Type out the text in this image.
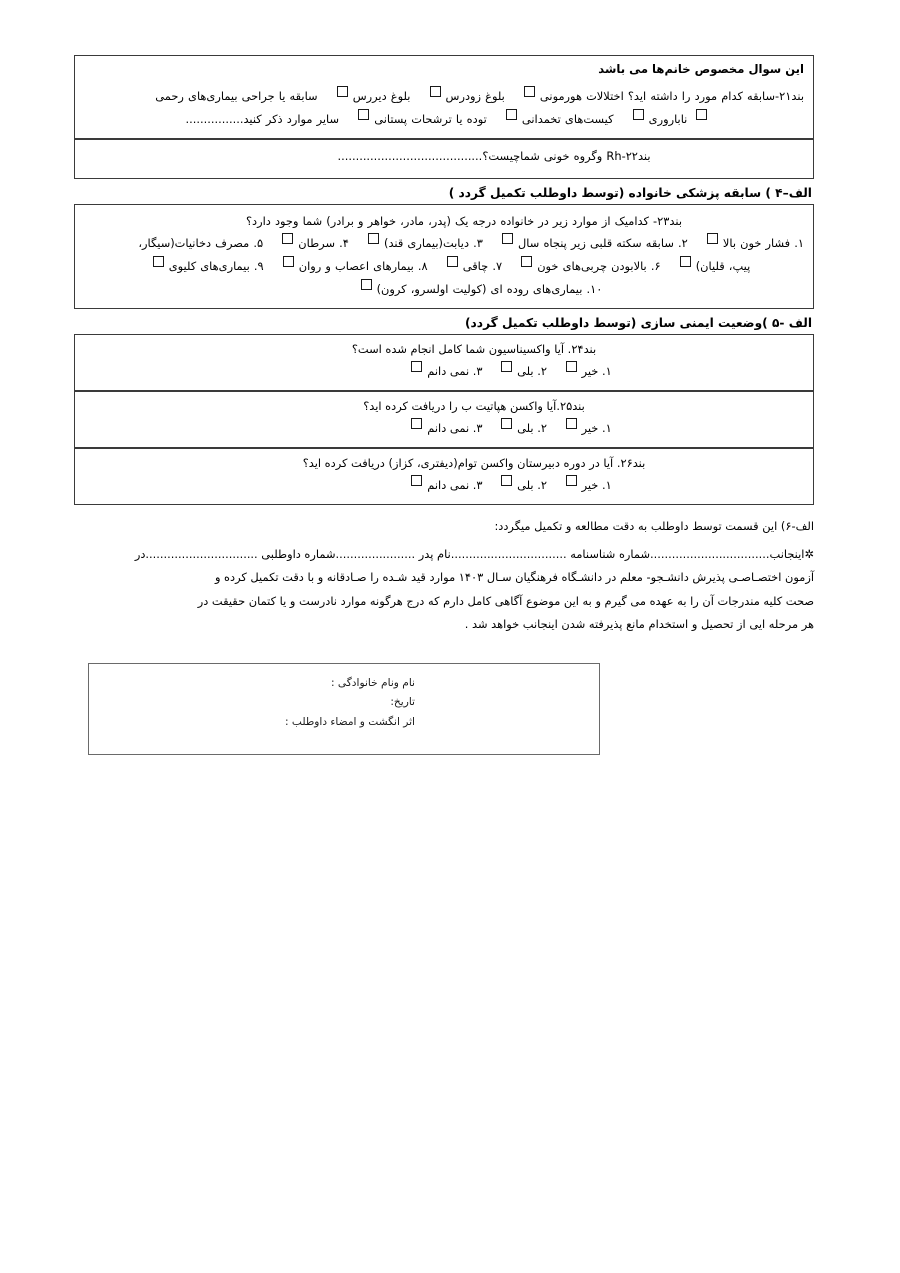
این سوال مخصوص خانم‌ها می باشد
بند۲۱-سابقه کدام مورد را داشته اید؟ اختلالات هورمونی بلوغ زودرس بلوغ دیررس سابقه یا جراحی بیماری‌های رحمی
ناباروری کیست‌های تخمدانی توده یا ترشحات پستانی سایر موارد ذکر کنید................
بند۲۲-Rh وگروه خونی شماچیست؟........................................
الف–۴ ) سابقه پزشکی خانواده (توسط داوطلب تکمیل گردد )
بند۲۳- کدامیک از موارد زیر در خانواده درجه یک (پدر، مادر، خواهر و برادر) شما وجود دارد؟
۱. فشار خون بالا ۲. سابقه سکته قلبی زیر پنجاه سال ۳. دیابت(بیماری قند) ۴. سرطان ۵. مصرف دخانیات(سیگار،
پیپ، قلیان) ۶. بالابودن چربی‌های خون ۷. چاقی ۸. بیمارهای اعصاب و روان ۹. بیماری‌های کلیوی
۱۰. بیماری‌های روده ای (کولیت اولسرو، کرون)
الف -۵ )وضعیت ایمنی سازی (توسط داوطلب تکمیل گردد)
بند۲۴. آیا واکسیناسیون شما کامل انجام شده است؟
۱. خیر ۲. بلی ۳. نمی دانم
بند۲۵.آیا واکسن هپاتیت ب را دریافت کرده اید؟
۱. خیر ۲. بلی ۳. نمی دانم
بند۲۶. آیا در دوره دبیرستان واکسن توام(دیفتری، کزاز) دریافت کرده اید؟
۱. خیر ۲. بلی ۳. نمی دانم
الف-۶) این قسمت توسط داوطلب به دقت مطالعه و تکمیل میگردد:
✲اینجانب.................................شماره شناسنامه ................................نام پدر ......................شماره داوطلبی ...............................در
آزمون اختصـاصـی پذیرش دانشـجو- معلم در دانشـگاه فرهنگیان سـال ۱۴۰۳ موارد قید شـده را صـادقانه و با دقت تکمیل کرده و
صحت کلیه مندرجات آن را به عهده می گیرم و به این موضوع آگاهی کامل دارم که درج هرگونه موارد نادرست و یا کتمان حقیقت در
هر مرحله ایی از تحصیل و استخدام مانع پذیرفته شدن اینجانب خواهد شد .
نام ونام خانوادگی :
تاریخ:
اثر انگشت و امضاء داوطلب :
